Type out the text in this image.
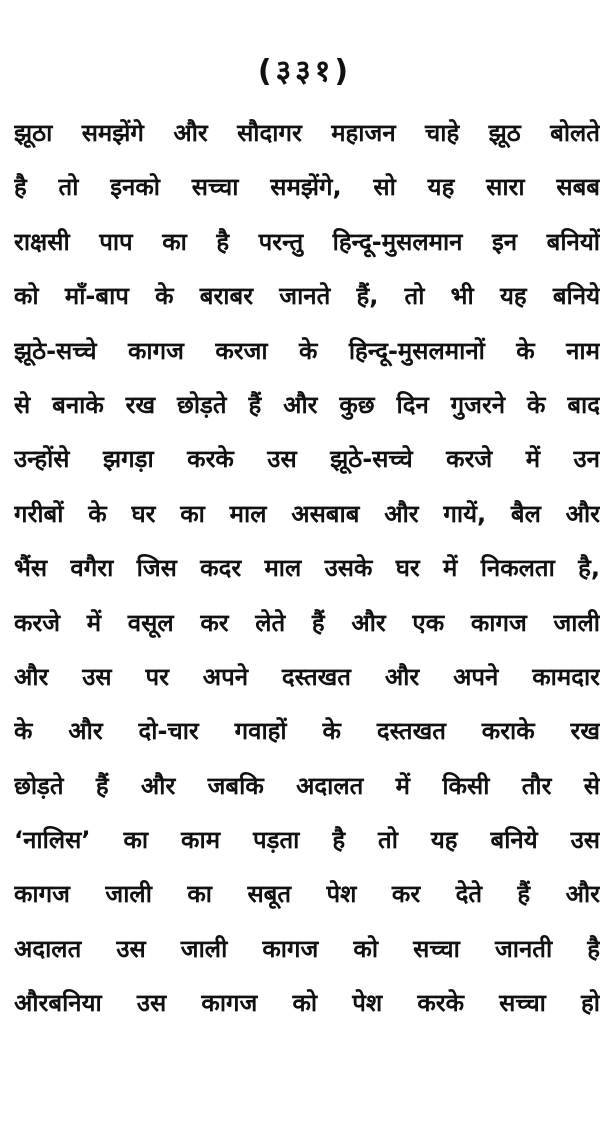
(३३१)
झूठा समझेंगे और सौदागर महाजन चाहे झूठ बोलते
है तो इनको सच्चा समझेंगे, सो यह सारा सबब
राक्षसी पाप का है परन्तु हिन्दू-मुसलमान इन बनियों
को माँ-बाप के बराबर जानते हैं, तो भी यह बनिये
झूठे-सच्चे कागज करजा के हिन्दू-मुसलमानों के नाम
से बनाके रख छोड़ते हैं और कुछ दिन गुजरने के बाद
उन्होंसे झगड़ा करके उस झूठे-सच्चे करजे में उन
गरीबों के घर का माल असबाब और गायें, बैल और
भैंस वगैरा जिस कदर माल उसके घर में निकलता है,
करजे में वसूल कर लेते हैं और एक कागज जाली
और उस पर अपने दस्तखत और अपने कामदार
के और दो-चार गवाहों के दस्तखत कराके रख
छोड़ते हैं और जबकि अदालत में किसी तौर से
‘नालिस’ का काम पड़ता है तो यह बनिये उस
कागज जाली का सबूत पेश कर देते हैं और
अदालत उस जाली कागज को सच्चा जानती है
औरबनिया उस कागज को पेश करके सच्चा हो
